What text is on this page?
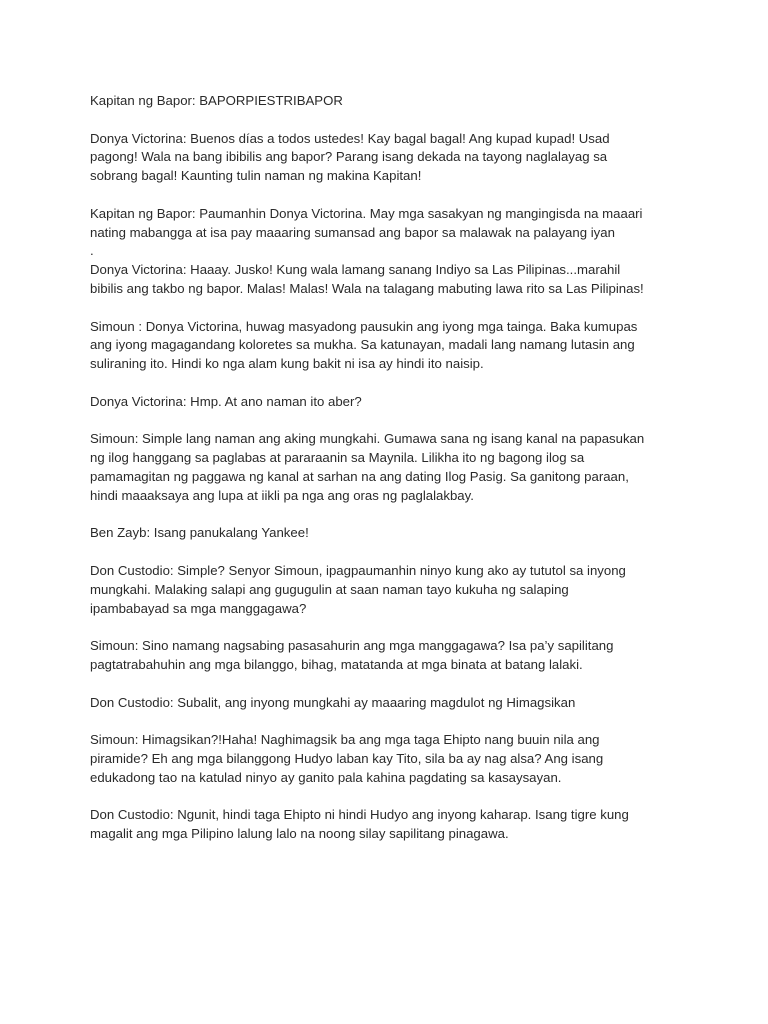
Kapitan ng Bapor: BAPORPIESTRIBAPOR

Donya Victorina: Buenos días a todos ustedes! Kay bagal bagal! Ang kupad kupad! Usad
pagong! Wala na bang ibibilis ang bapor? Parang isang dekada na tayong naglalayag sa
sobrang bagal! Kaunting tulin naman ng makina Kapitan!

Kapitan ng Bapor: Paumanhin Donya Victorina. May mga sasakyan ng mangingisda na maaari
nating mabangga at isa pay maaaring sumansad ang bapor sa malawak na palayang iyan
.

Donya Victorina: Haaay. Jusko! Kung wala lamang sanang Indiyo sa Las Pilipinas...marahil
bibilis ang takbo ng bapor. Malas! Malas! Wala na talagang mabuting lawa rito sa Las Pilipinas!

Simoun : Donya Victorina, huwag masyadong pausukin ang iyong mga tainga. Baka kumupas
ang iyong magagandang koloretes sa mukha. Sa katunayan, madali lang namang lutasin ang
suliraning ito. Hindi ko nga alam kung bakit ni isa ay hindi ito naisip.

Donya Victorina: Hmp. At ano naman ito aber?

Simoun: Simple lang naman ang aking mungkahi. Gumawa sana ng isang kanal na papasukan
ng ilog hanggang sa paglabas at pararaanin sa Maynila. Lilikha ito ng bagong ilog sa
pamamagitan ng paggawa ng kanal at sarhan na ang dating Ilog Pasig. Sa ganitong paraan,
hindi maaaksaya ang lupa at iikli pa nga ang oras ng paglalakbay.

Ben Zayb: Isang panukalang Yankee!

Don Custodio: Simple? Senyor Simoun, ipagpaumanhin ninyo kung ako ay tututol sa inyong
mungkahi. Malaking salapi ang gugugulin at saan naman tayo kukuha ng salaping
ipambabayad sa mga manggagawa?

Simoun: Sino namang nagsabing pasasahurin ang mga manggagawa? Isa pa’y sapilitang
pagtatrabahuhin ang mga bilanggo, bihag, matatanda at mga binata at batang lalaki.

Don Custodio: Subalit, ang inyong mungkahi ay maaaring magdulot ng Himagsikan

Simoun: Himagsikan?!Haha! Naghimagsik ba ang mga taga Ehipto nang buuin nila ang
piramide? Eh ang mga bilanggong Hudyo laban kay Tito, sila ba ay nag alsa? Ang isang
edukadong tao na katulad ninyo ay ganito pala kahina pagdating sa kasaysayan.

Don Custodio: Ngunit, hindi taga Ehipto ni hindi Hudyo ang inyong kaharap. Isang tigre kung
magalit ang mga Pilipino lalung lalo na noong silay sapilitang pinagawa.
